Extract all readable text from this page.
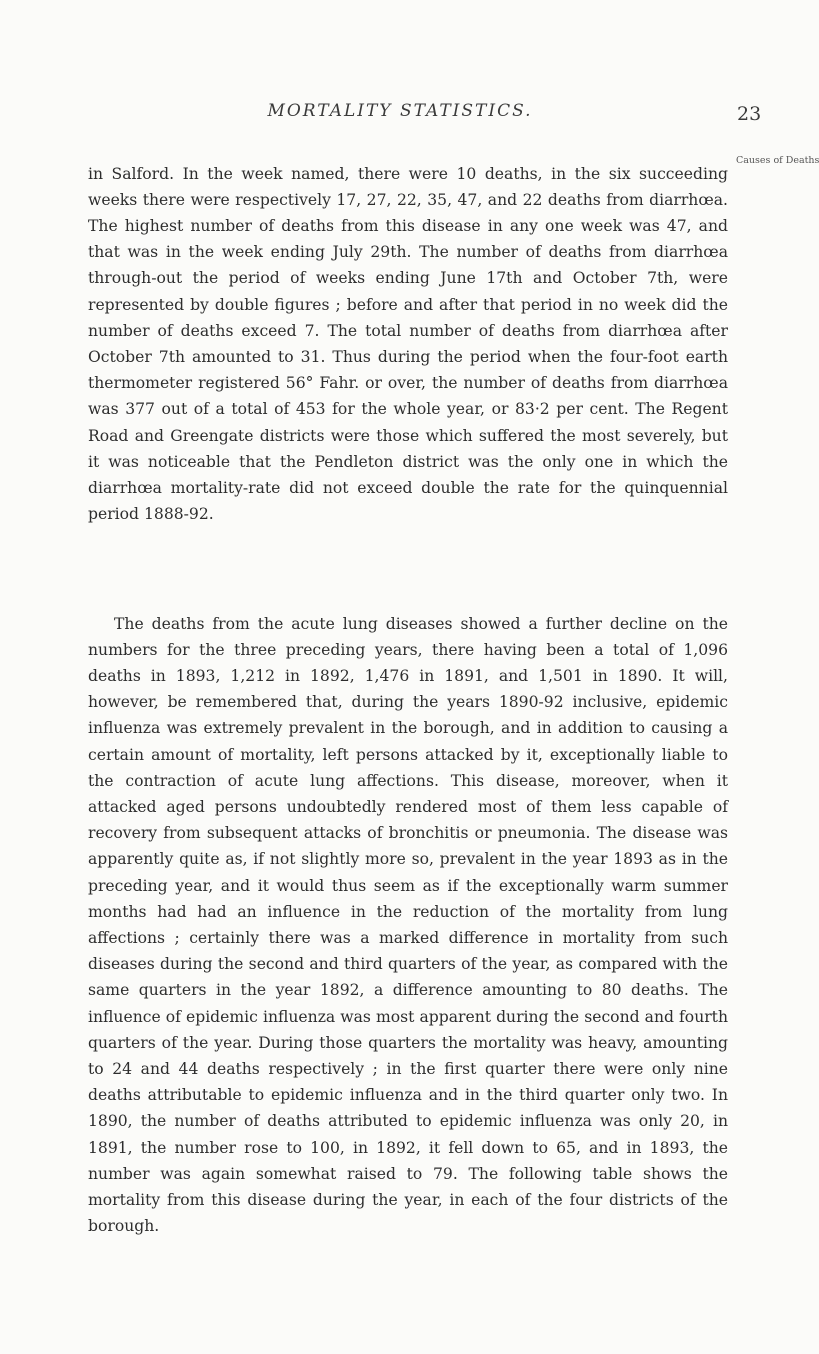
MORTALITY STATISTICS.	23
Causes of Deaths

in Salford. In the week named, there were 10 deaths, in the six succeeding weeks there were respectively 17, 27, 22, 35, 47, and 22 deaths from diarrhœa. The highest number of deaths from this disease in any one week was 47, and that was in the week ending July 29th. The number of deaths from diarrhœa through-out the period of weeks ending June 17th and October 7th, were represented by double figures ; before and after that period in no week did the number of deaths exceed 7. The total number of deaths from diarrhœa after October 7th amounted to 31. Thus during the period when the four-foot earth thermometer registered 56° Fahr. or over, the number of deaths from diarrhœa was 377 out of a total of 453 for the whole year, or 83·2 per cent. The Regent Road and Greengate districts were those which suffered the most severely, but it was noticeable that the Pendleton district was the only one in which the diarrhœa mortality-rate did not exceed double the rate for the quinquennial period 1888-92.

The deaths from the acute lung diseases showed a further decline on the numbers for the three preceding years, there having been a total of 1,096 deaths in 1893, 1,212 in 1892, 1,476 in 1891, and 1,501 in 1890. It will, however, be remembered that, during the years 1890-92 inclusive, epidemic influenza was extremely prevalent in the borough, and in addition to causing a certain amount of mortality, left persons attacked by it, exceptionally liable to the contraction of acute lung affections. This disease, moreover, when it attacked aged persons undoubtedly rendered most of them less capable of recovery from subsequent attacks of bronchitis or pneumonia. The disease was apparently quite as, if not slightly more so, prevalent in the year 1893 as in the preceding year, and it would thus seem as if the exceptionally warm summer months had had an influence in the reduction of the mortality from lung affections ; certainly there was a marked difference in mortality from such diseases during the second and third quarters of the year, as compared with the same quarters in the year 1892, a difference amounting to 80 deaths. The influence of epidemic influenza was most apparent during the second and fourth quarters of the year. During those quarters the mortality was heavy, amounting to 24 and 44 deaths respectively ; in the first quarter there were only nine deaths attributable to epidemic influenza and in the third quarter only two. In 1890, the number of deaths attributed to epidemic influenza was only 20, in 1891, the number rose to 100, in 1892, it fell down to 65, and in 1893, the number was again somewhat raised to 79. The following table shows the mortality from this disease during the year, in each of the four districts of the borough.
